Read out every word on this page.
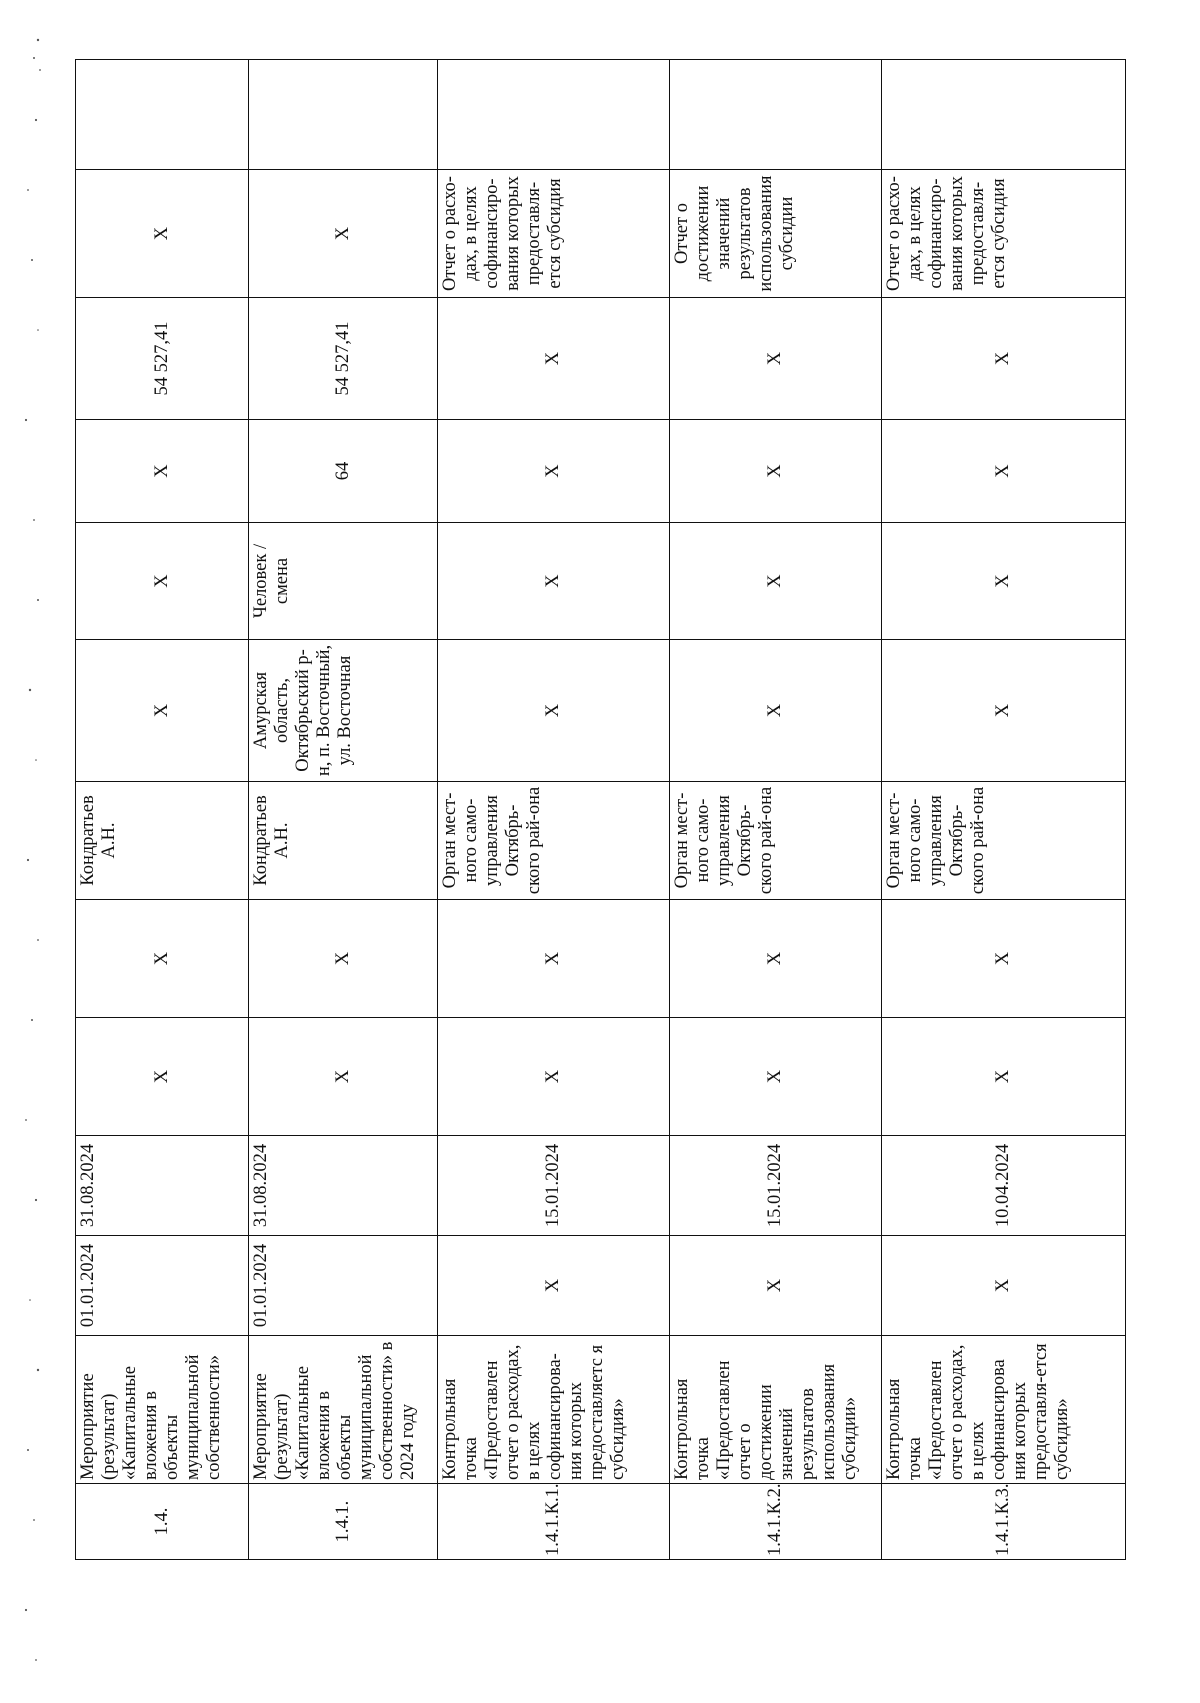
1.4.	Мероприятие (результат) «Капитальные вложения в объекты муниципальной собственности»	01.01.2024	31.08.2024	X	X	Кондратьев А.Н.	X	X	X	54 527,41	X	
1.4.1.	Мероприятие (результат) «Капитальные вложения в объекты муниципальной собственности» в 2024 году	01.01.2024	31.08.2024	X	X	Кондратьев А.Н.	Амурская область, Октябрьский р-н, п. Восточный, ул. Восточная	Человек / смена	64	54 527,41	X	
1.4.1.К.1.	Контрольная точка «Предоставлен отчет о расходах, в целях софинансирова-ния которых предоставляетс я субсидия»	X	15.01.2024	X	X	Орган мест-ного само-управления Октябрь-ского рай-она	X	X	X	X	Отчет о расхо-дах, в целях софинансиро-вания которых предоставля-ется субсидия	
1.4.1.К.2.	Контрольная точка «Предоставлен отчет о достижении значений результатов использования субсидии»	X	15.01.2024	X	X	Орган мест-ного само-управления Октябрь-ского рай-она	X	X	X	X	Отчет о достижении значений результатов использования субсидии	
1.4.1.К.3.	Контрольная точка «Предоставлен отчет о расходах, в целях софинансирова ния которых предоставля-ется субсидия»	X	10.04.2024	X	X	Орган мест-ного само-управления Октябрь-ского рай-она	X	X	X	X	Отчет о расхо-дах, в целях софинансиро-вания которых предоставля-ется субсидия	
